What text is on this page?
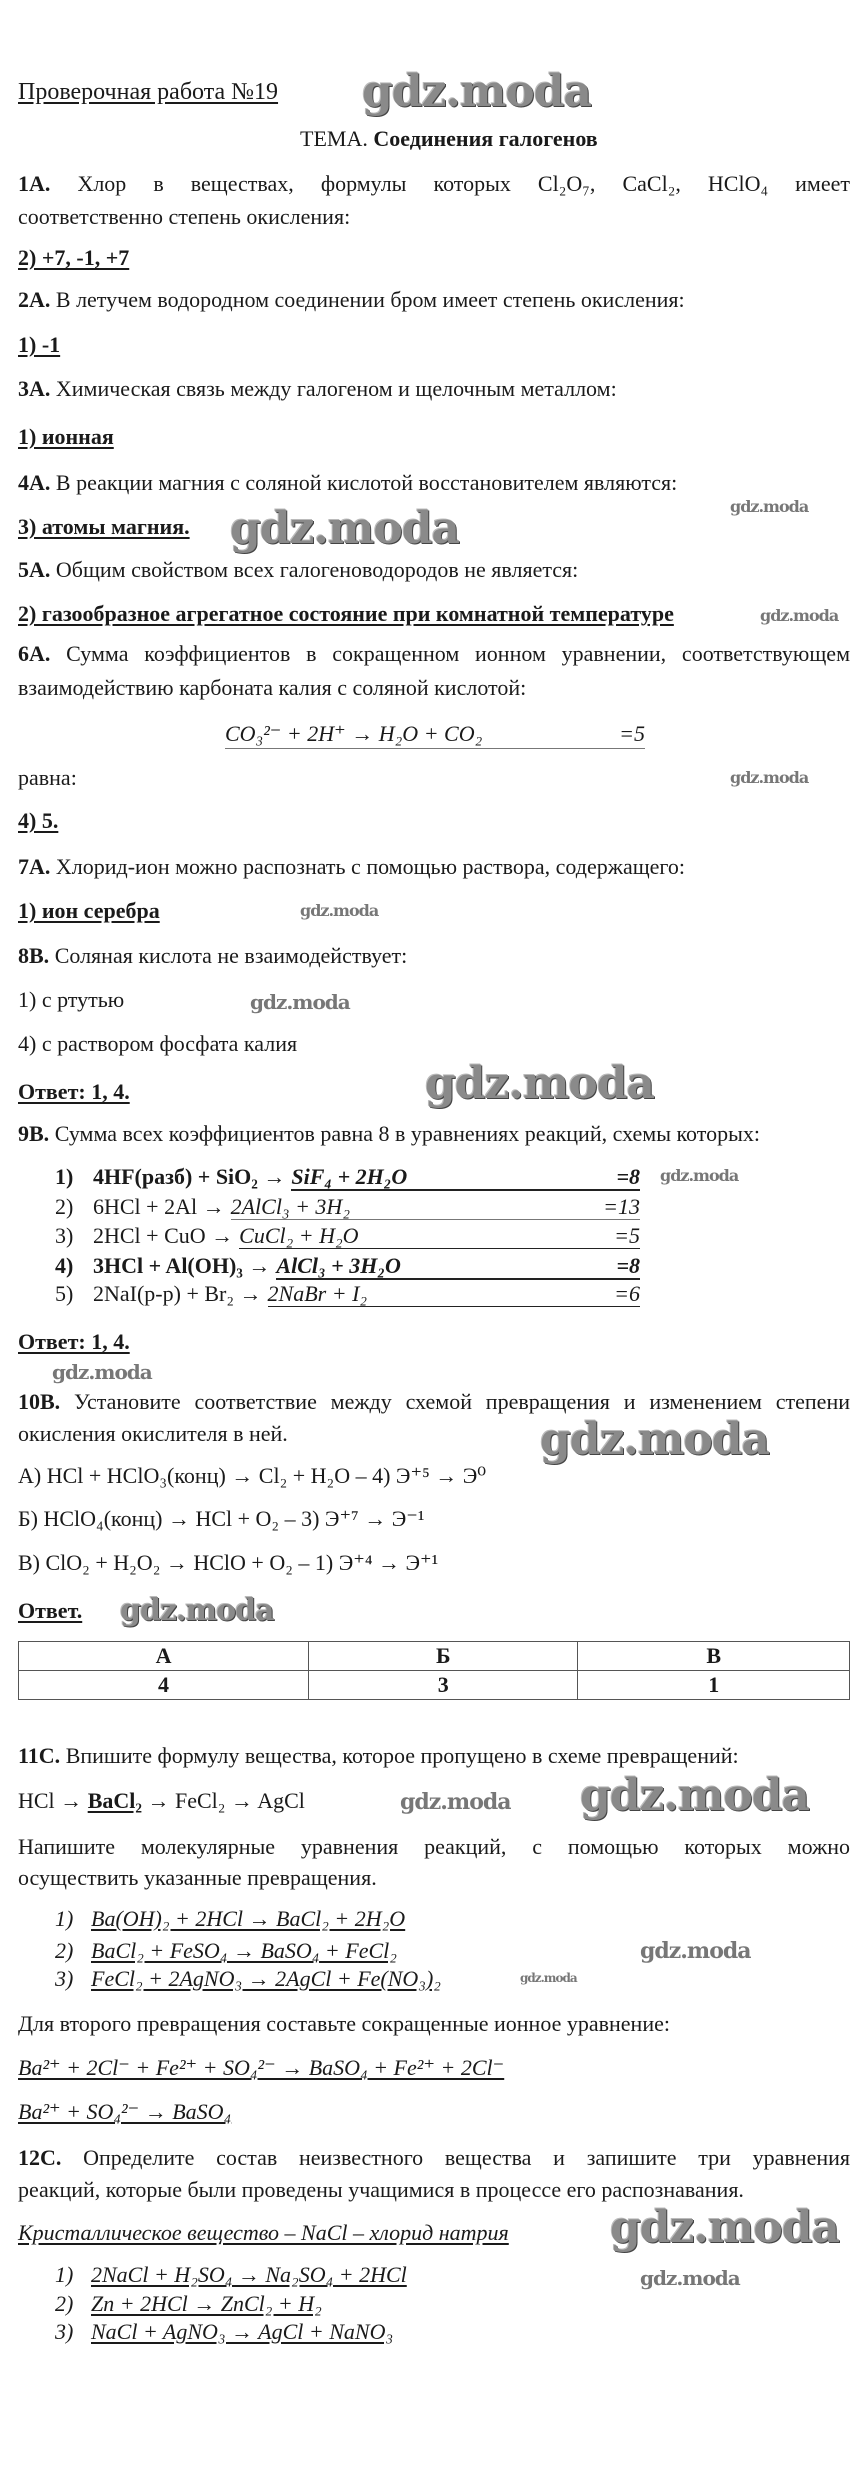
Проверочная работа №19
ТЕМА. Соединения галогенов
1А. Хлор в веществах, формулы которых Cl₂O₇, CaCl₂, HClO₄ имеет
соответственно степень окисления:
2) +7, -1, +7
2А. В летучем водородном соединении бром имеет степень окисления:
1) -1
3А. Химическая связь между галогеном и щелочным металлом:
1) ионная
4А. В реакции магния с соляной кислотой восстановителем являются:
3) атомы магния.
5А. Общим свойством всех галогеноводородов не является:
2) газообразное агрегатное состояние при комнатной температуре
6А. Сумма коэффициентов в сокращенном ионном уравнении, соответствующем
взаимодействию карбоната калия с соляной кислотой:
CO₃²⁻ + 2H⁺ → H₂O + CO₂	=5
равна:
4) 5.
7А. Хлорид-ион можно распознать с помощью раствора, содержащего:
1) ион серебра
8В. Соляная кислота не взаимодействует:
1) с ртутью
4) с раствором фосфата калия
Ответ: 1, 4.
9В. Сумма всех коэффициентов равна 8 в уравнениях реакций, схемы которых:
1) 4HF(разб) + SiO₂ → SiF₄ + 2H₂O	=8
2) 6HCl + 2Al → 2AlCl₃ + 3H₂	=13
3) 2HCl + CuO → CuCl₂ + H₂O	=5
4) 3HCl + Al(OH)₃ → AlCl₃ + 3H₂O	=8
5) 2NaI(р-р) + Br₂ → 2NaBr + I₂	=6
Ответ: 1, 4.
10В. Установите соответствие между схемой превращения и изменением степени
окисления окислителя в ней.
А) HCl + HClO₃(конц) → Cl₂ + H₂O – 4) Э⁺⁵ → Э⁰
Б) HClO₄(конц) → HCl + O₂ – 3) Э⁺⁷ → Э⁻¹
В) ClO₂ + H₂O₂ → HClO + O₂ – 1) Э⁺⁴ → Э⁺¹
Ответ.
А	Б	В
4	3	1
11С. Впишите формулу вещества, которое пропущено в схеме превращений:
HCl → BaCl₂ → FeCl₂ → AgCl
Напишите молекулярные уравнения реакций, с помощью которых можно
осуществить указанные превращения.
1) Ba(OH)₂ + 2HCl → BaCl₂ + 2H₂O
2) BaCl₂ + FeSO₄ → BaSO₄ + FeCl₂
3) FeCl₂ + 2AgNO₃ → 2AgCl + Fe(NO₃)₂
Для второго превращения составьте сокращенные ионное уравнение:
Ba²⁺ + 2Cl⁻ + Fe²⁺ + SO₄²⁻ → BaSO₄ + Fe²⁺ + 2Cl⁻
Ba²⁺ + SO₄²⁻ → BaSO₄
12С. Определите состав неизвестного вещества и запишите три уравнения
реакций, которые были проведены учащимися в процессе его распознавания.
Кристаллическое вещество – NaCl – хлорид натрия
1) 2NaCl + H₂SO₄ → Na₂SO₄ + 2HCl
2) Zn + 2HCl → ZnCl₂ + H₂
3) NaCl + AgNO₃ → AgCl + NaNO₃
gdz.moda
gdz.moda
gdz.moda
gdz.moda
gdz.moda
gdz.moda
gdz.moda
gdz.moda
gdz.moda
gdz.moda
gdz.moda
gdz.moda
gdz.moda
gdz.moda
gdz.moda
gdz.moda
gdz.moda
gdz.moda
